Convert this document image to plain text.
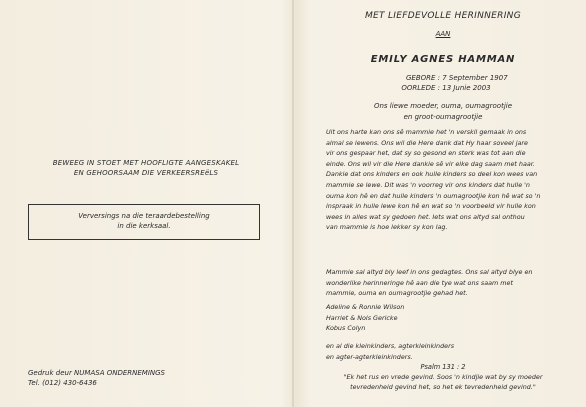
BEWEEG IN STOET MET HOOFLIGTE AANGESKAKEL
EN GEHOORSAAM DIE VERKEERSREëLS
Verversings na die teraardebestelling
in die kerksaal.
Gedruk deur NUMASA ONDERNEMINGS
Tel. (012) 430-6436
MET LIEFDEVOLLE HERINNERING
AAN
EMILY AGNES HAMMAN
GEBORE : 7 September 1907
OORLEDE : 13 Junie 2003
Ons liewe moeder, ouma, oumagrootjie
en groot-oumagrootjie
Uit ons harte kan ons sê mammie het 'n verskil gemaak in ons
almal se lewens. Ons wil die Here dank dat Hy haar soveel jare
vir ons gespaar het, dat sy so gesond en sterk was tot aan die
einde. Ons wil vir die Here dankie sê vir elke dag saam met haar.
Dankie dat ons kinders en ook hulle kinders so deel kon wees van
mammie se lewe. Dit was 'n voorreg vir ons kinders dat hulle 'n
ouma kon hê en dat hulle kinders 'n oumagrootjie kon hê wat so 'n
inspraak in hulle lewe kon hê en wat so 'n voorbeeld vir hulle kon
wees in alles wat sy gedoen het. Iets wat ons altyd sal onthou
van mammie is hoe lekker sy kon lag.
Mammie sal altyd bly leef in ons gedagtes. Ons sal altyd blye en
wonderlike herinneringe hê aan die tye wat ons saam met
mammie, ouma en oumagrootjie gehad het.
Adeline & Ronnie Wilson
Harriet & Nols Gericke
Kobus Colyn
en al die kleinkinders, agterkleinkinders
en agter-agterkleinkinders.
Psalm 131 : 2
"Ek het rus en vrede gevind. Soos 'n kindjie wat by sy moeder
tevredenheid gevind het, so het ek tevredenheid gevind."
